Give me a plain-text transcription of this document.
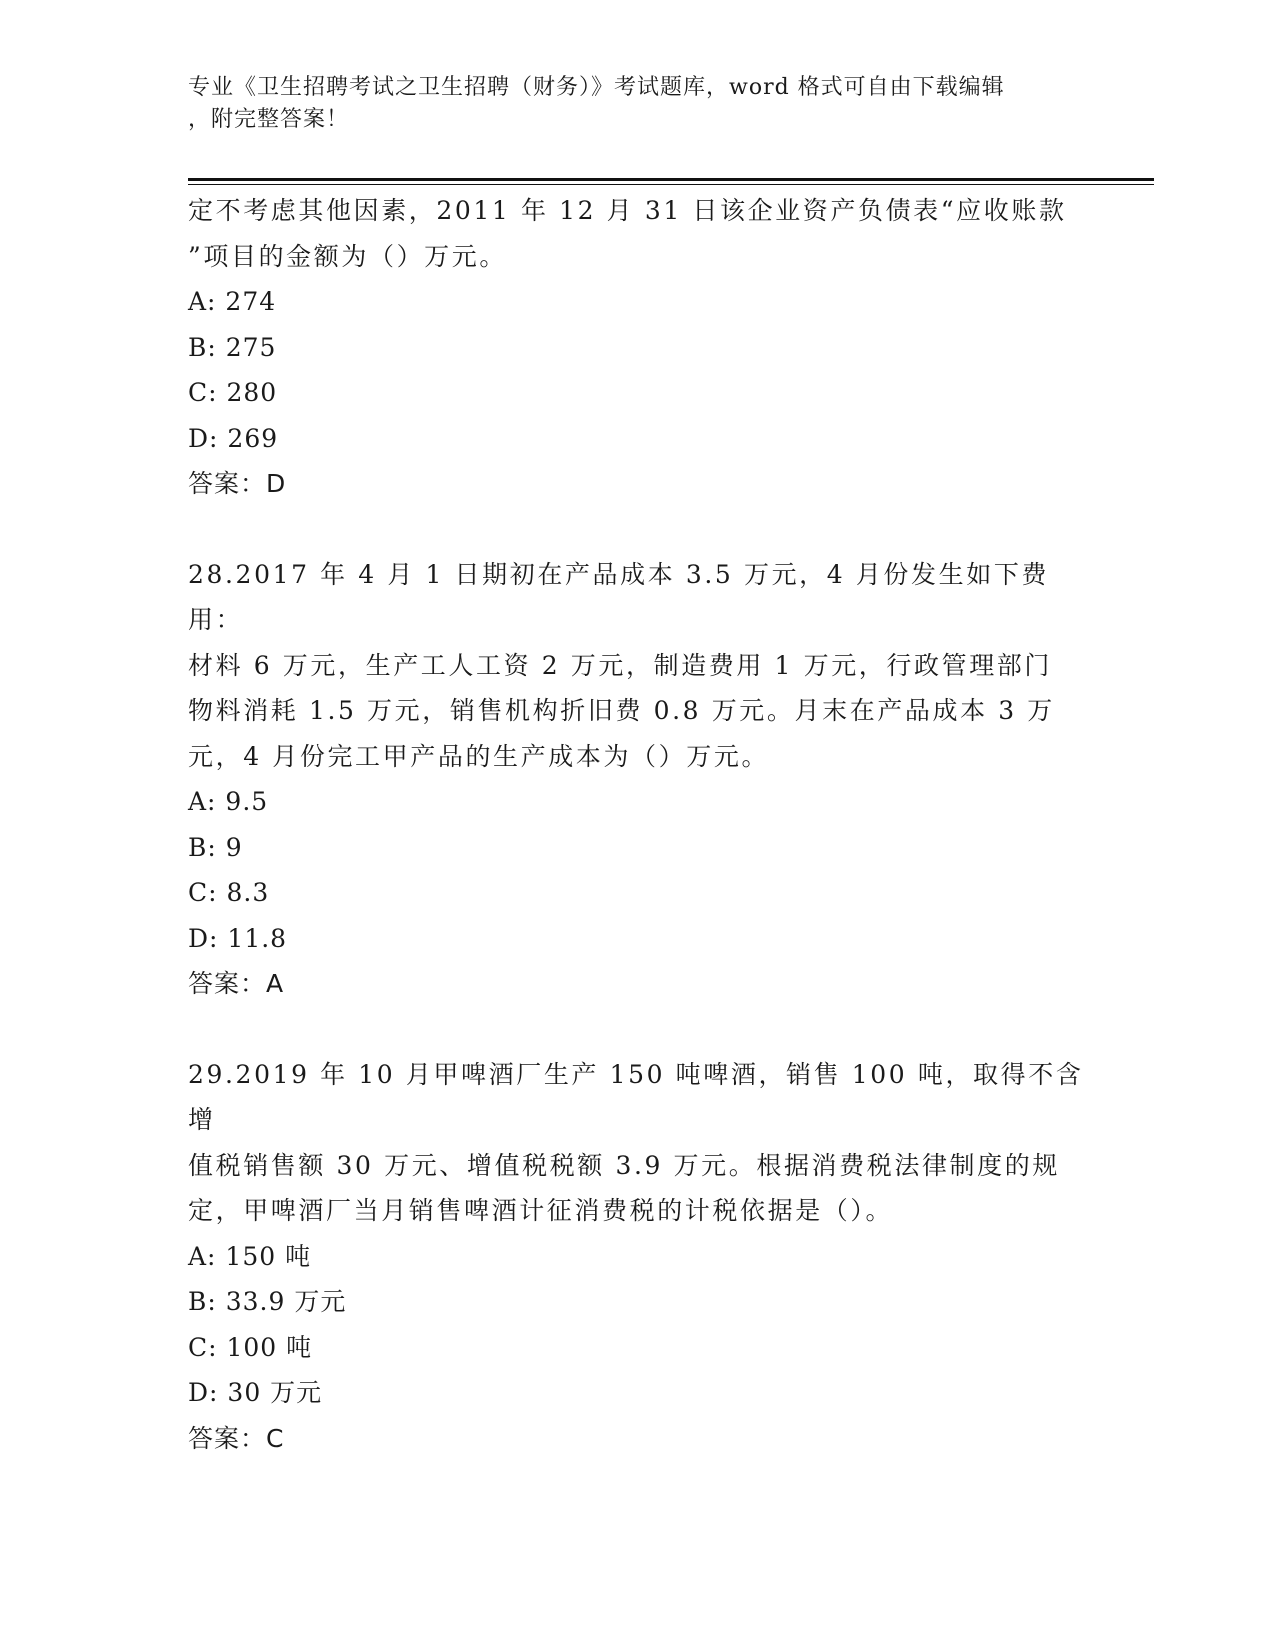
专业《卫生招聘考试之卫生招聘（财务）》考试题库，word 格式可自由下载编辑
，附完整答案！

定不考虑其他因素，2011 年 12 月 31 日该企业资产负债表“应收账款

”项目的金额为（）万元。

A: 274

B: 275

C: 280

D: 269

答案：D

28.2017 年 4 月 1 日期初在产品成本 3.5 万元，4 月份发生如下费用：

材料 6 万元，生产工人工资 2 万元，制造费用 1 万元，行政管理部门

物料消耗 1.5 万元，销售机构折旧费 0.8 万元。月末在产品成本 3 万

元，4 月份完工甲产品的生产成本为（）万元。

A: 9.5

B: 9

C: 8.3

D: 11.8

答案：A

29.2019 年 10 月甲啤酒厂生产 150 吨啤酒，销售 100 吨，取得不含增

值税销售额 30 万元、增值税税额 3.9 万元。根据消费税法律制度的规

定，甲啤酒厂当月销售啤酒计征消费税的计税依据是（）。

A: 150 吨

B: 33.9 万元

C: 100 吨

D: 30 万元

答案：C
